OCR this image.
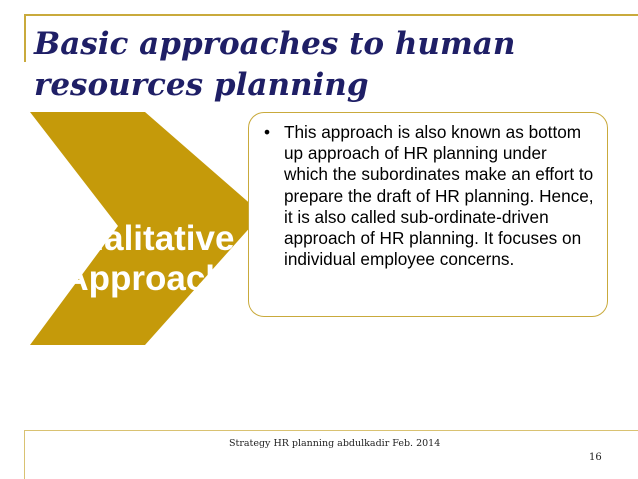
Basic approaches to human resources planning

Qualitative Approach

• This approach is also known as bottom up approach of HR planning under which the subordinates make an effort to prepare the draft of HR planning. Hence, it is also called sub-ordinate-driven approach of HR planning. It focuses on individual employee concerns.

Strategy HR planning abdulkadir Feb. 2014

16
